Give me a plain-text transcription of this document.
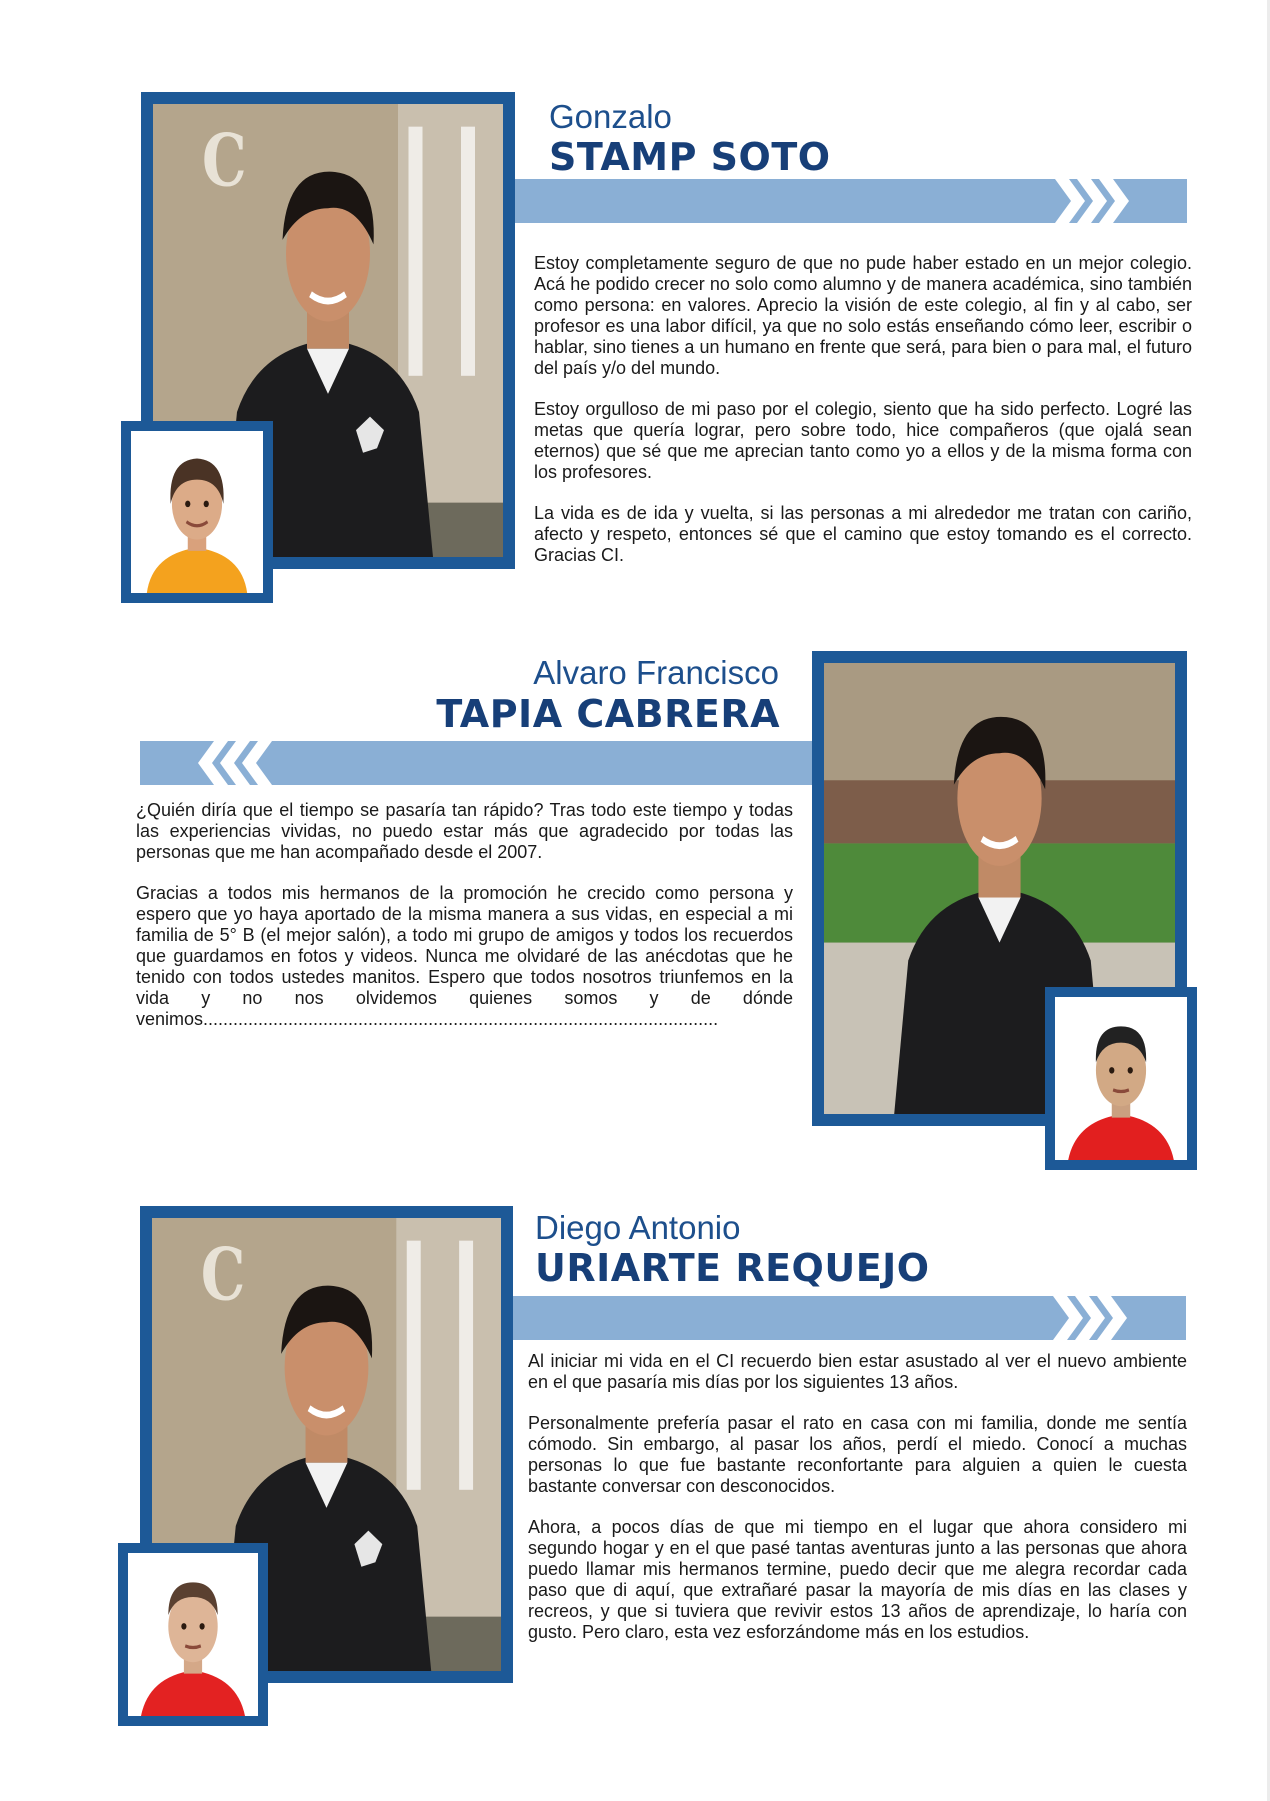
C
Gonzalo
STAMP SOTO

Estoy completamente seguro de que no pude haber estado en un mejor colegio. Acá he podido crecer no solo como alumno y de manera académica, sino también como persona: en valores. Aprecio la visión de este colegio, al fin y al cabo, ser profesor es una labor difícil, ya que no solo estás enseñando cómo leer, escribir o hablar, sino tienes a un humano en frente que será, para bien o para mal, el futuro del país y/o del mundo.

Estoy orgulloso de mi paso por el colegio, siento que ha sido perfecto. Logré las metas que quería lograr, pero sobre todo, hice compañeros (que ojalá sean eternos) que sé que me aprecian tanto como yo a ellos y de la misma forma con los profesores.

La vida es de ida y vuelta, si las personas a mi alrededor me tratan con cariño, afecto y respeto, entonces sé que el camino que estoy tomando es el correcto. Gracias CI.

Alvaro Francisco
TAPIA CABRERA

¿Quién diría que el tiempo se pasaría tan rápido? Tras todo este tiempo y todas las experiencias vividas, no puedo estar más que agradecido por todas las personas que me han acompañado desde el 2007.

Gracias a todos mis hermanos de la promoción he crecido como persona y espero que yo haya aportado de la misma manera a sus vidas, en especial a mi familia de 5° B (el mejor salón), a todo mi grupo de amigos y todos los recuerdos que guardamos en fotos y videos. Nunca me olvidaré de las anécdotas que he tenido con todos ustedes manitos. Espero que todos nosotros triunfemos en la vida y no nos olvidemos quienes somos y de dónde venimos.......................................................................................................

C
Diego Antonio
URIARTE REQUEJO

Al iniciar mi vida en el CI recuerdo bien estar asustado al ver el nuevo ambiente en el que pasaría mis días por los siguientes 13 años.

Personalmente prefería pasar el rato en casa con mi familia, donde me sentía cómodo. Sin embargo, al pasar los años, perdí el miedo. Conocí a muchas personas lo que fue bastante reconfortante para alguien a quien le cuesta bastante conversar con desconocidos.

Ahora, a pocos días de que mi tiempo en el lugar que ahora considero mi segundo hogar y en el que pasé tantas aventuras junto a las personas que ahora puedo llamar mis hermanos termine, puedo decir que me alegra recordar cada paso que di aquí, que extrañaré pasar la mayoría de mis días en las clases y recreos, y que si tuviera que revivir estos 13 años de aprendizaje, lo haría con gusto. Pero claro, esta vez esforzándome más en los estudios.
